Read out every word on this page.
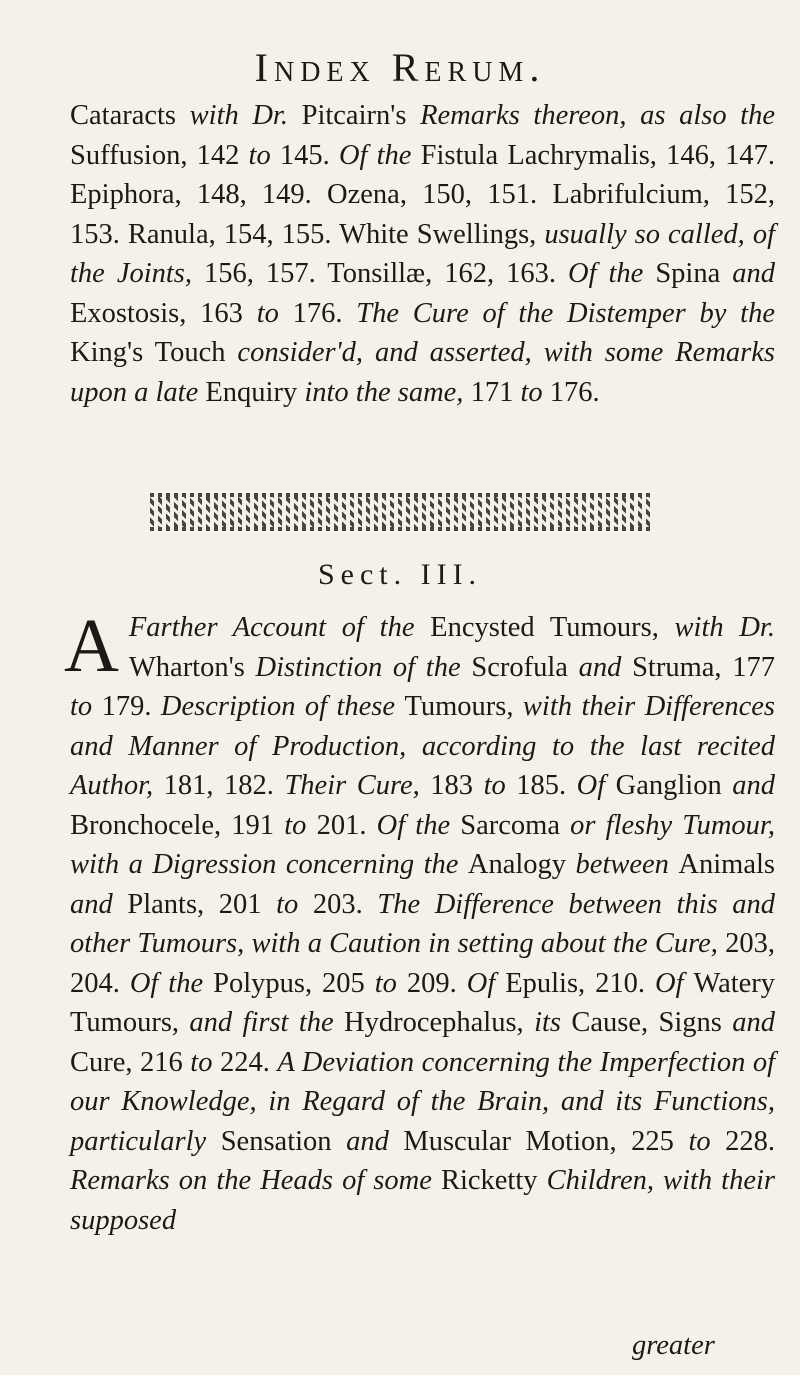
Index Rerum.

Cataracts with Dr. Pitcairn's Remarks thereon, as also the Suffusion, 142 to 145. Of the Fistula Lachrymalis, 146, 147. Epiphora, 148, 149. Ozena, 150, 151. Labrifulcium, 152, 153. Ranula, 154, 155. White Swellings, usually so called, of the Joints, 156, 157. Tonsillæ, 162, 163. Of the Spina and Exostosis, 163 to 176. The Cure of the Distemper by the King's Touch consider'd, and asserted, with some Remarks upon a late Enquiry into the same, 171 to 176.

Sect. III.
A Farther Account of the Encysted Tumours, with Dr. Wharton's Distinction of the Scrofula and Struma, 177 to 179. Description of these Tumours, with their Differences and Manner of Production, according to the last recited Author, 181, 182. Their Cure, 183 to 185. Of Ganglion and Bronchocele, 191 to 201. Of the Sarcoma or fleshy Tumour, with a Digression concerning the Analogy between Animals and Plants, 201 to 203. The Difference between this and other Tumours, with a Caution in setting about the Cure, 203, 204. Of the Polypus, 205 to 209. Of Epulis, 210. Of Watery Tumours, and first the Hydrocephalus, its Cause, Signs and Cure, 216 to 224. A Deviation concerning the Imperfection of our Knowledge, in Regard of the Brain, and its Functions, particularly Sensation and Muscular Motion, 225 to 228. Remarks on the Heads of some Ricketty Children, with their supposed

greater
